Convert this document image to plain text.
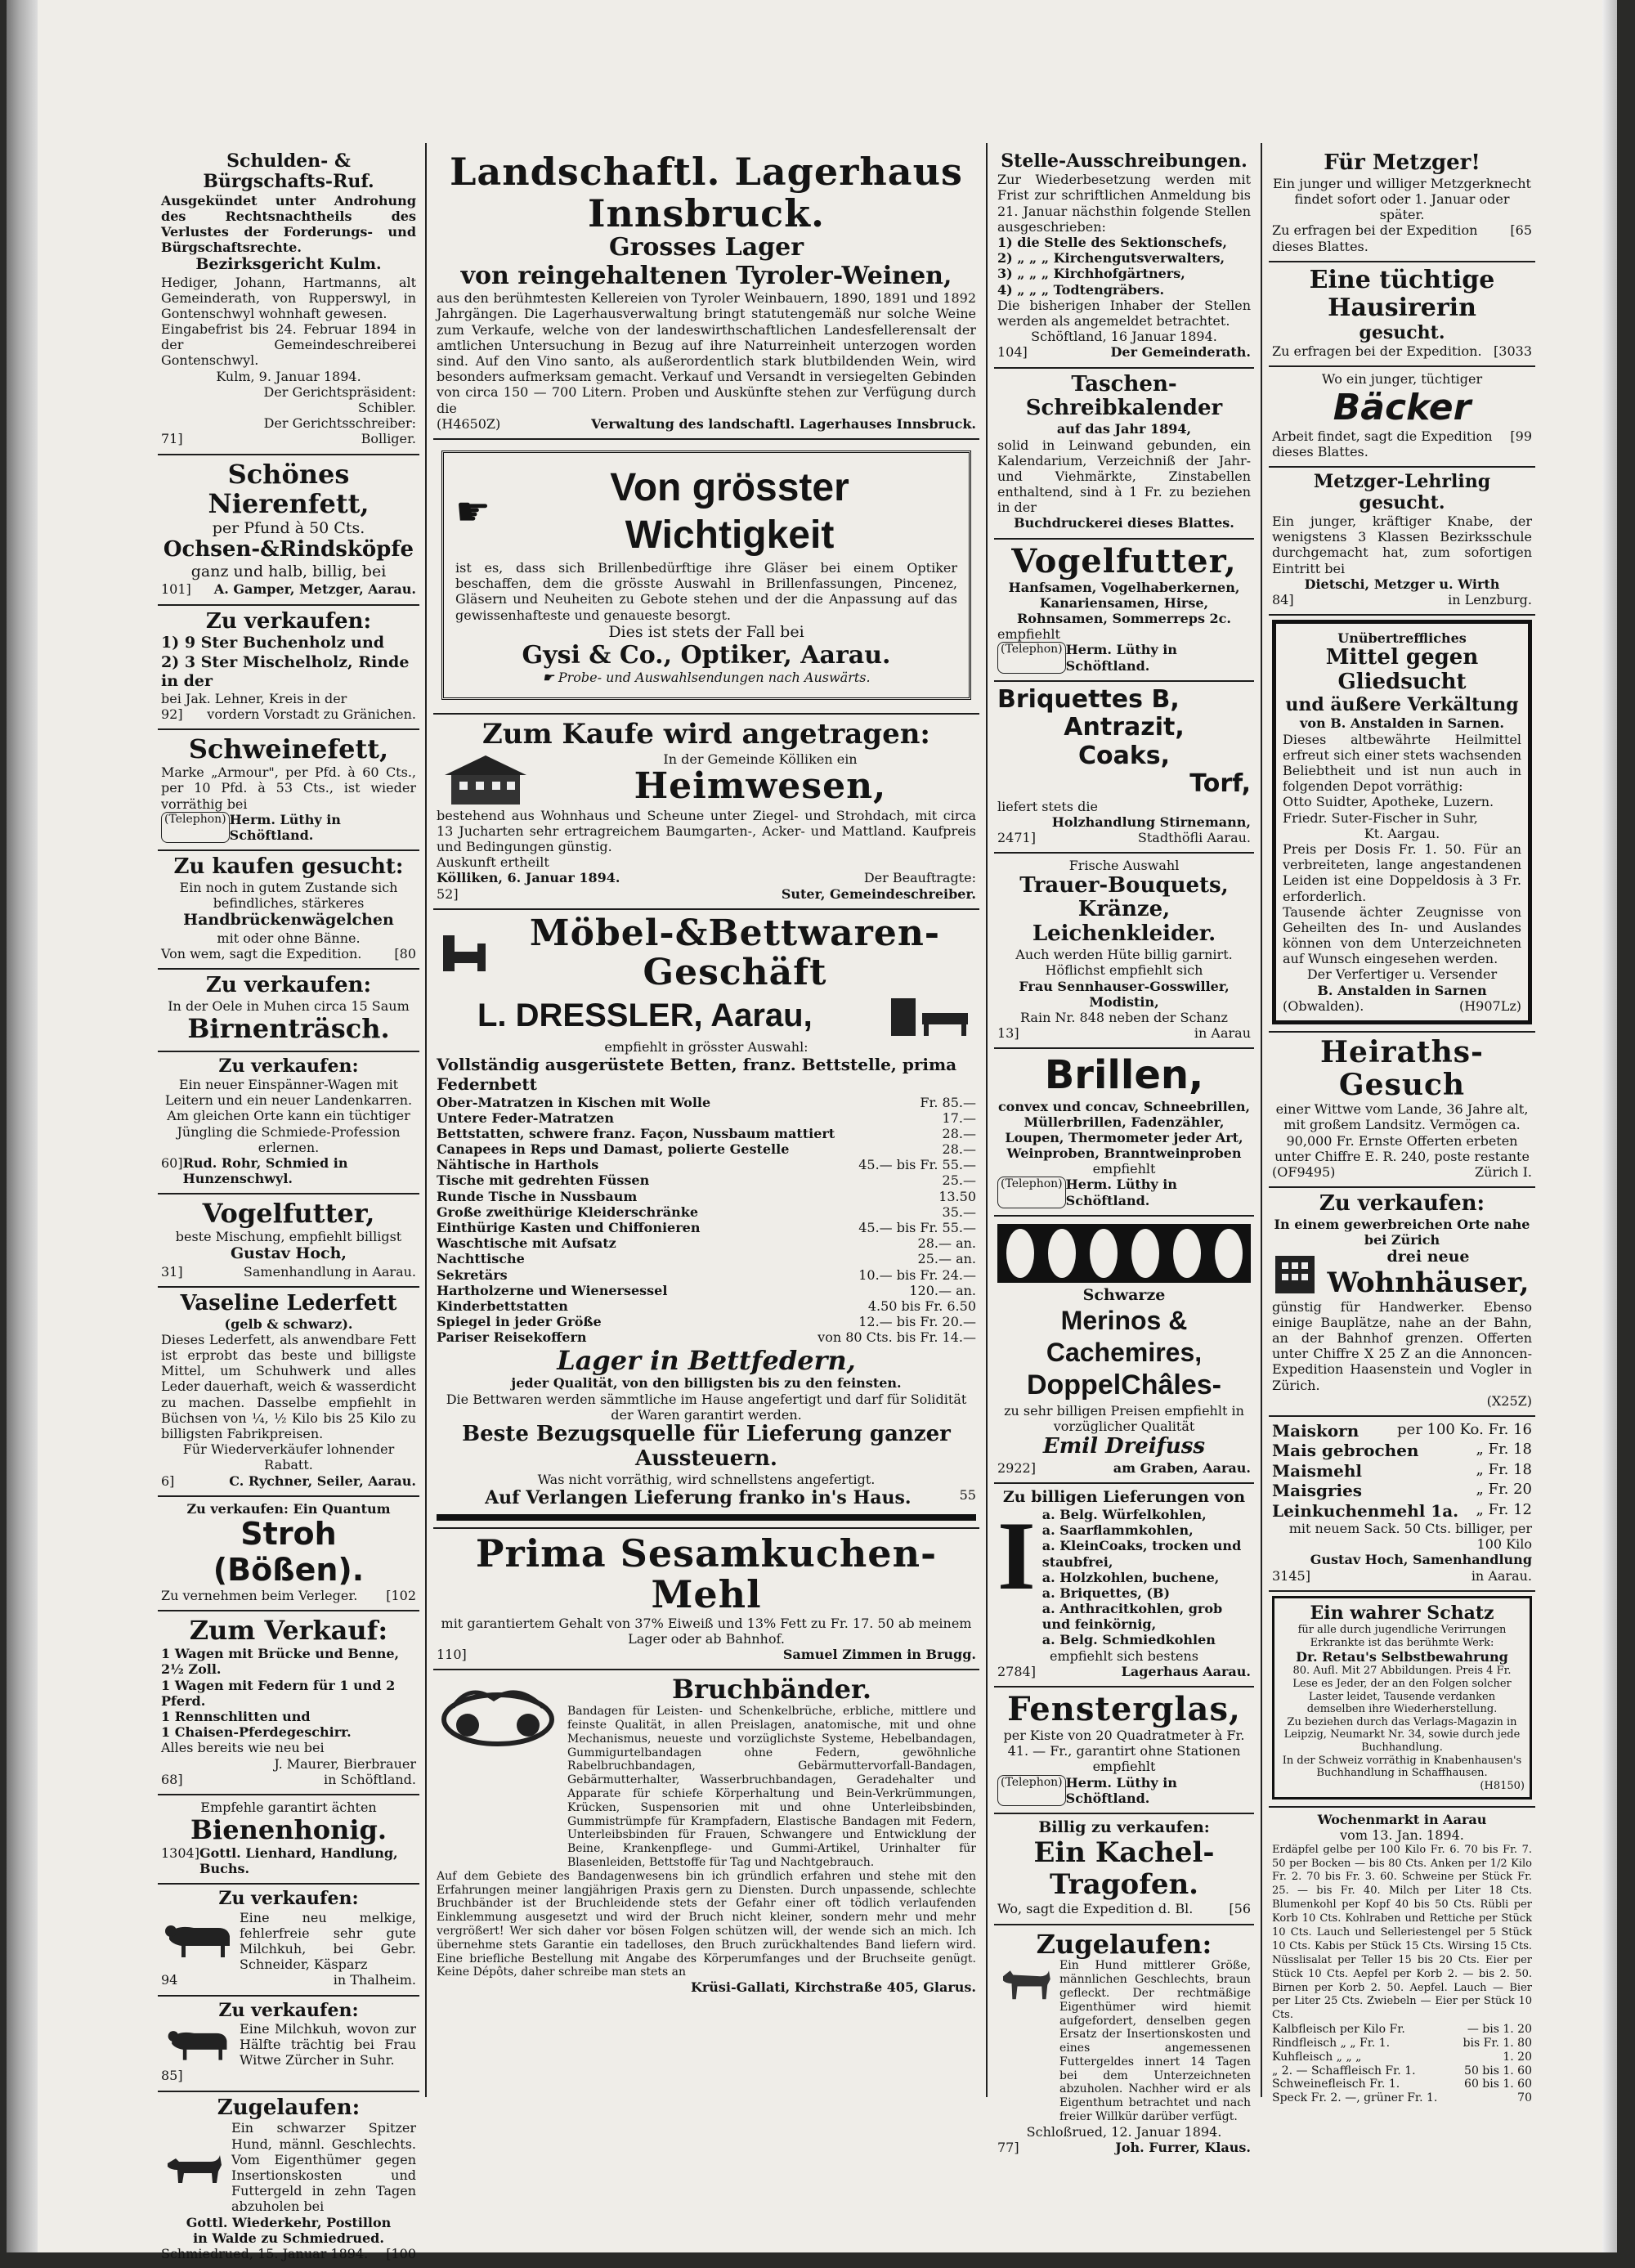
Schulden- & Bürgschafts-Ruf.
Ausgekündet unter Androhung des Rechtsnachtheils des Verlustes der Forderungs- und Bürgschaftsrechte.
Bezirksgericht Kulm.
Hediger, Johann, Hartmanns, alt Gemeinderath, von Rupperswyl, in Gontenschwyl wohnhaft gewesen.
Eingabefrist bis 24. Februar 1894 in der Gemeindeschreiberei Gontenschwyl.
Kulm, 9. Januar 1894.
Der Gerichtspräsident:
Schibler.
Der Gerichtsschreiber:
71]	Bolliger.
Schönes Nierenfett,
per Pfund à 50 Cts.
Ochsen-&Rindsköpfe
ganz und halb, billig, bei
101] A. Gamper, Metzger, Aarau.
Zu verkaufen:
1) 9 Ster Buchenholz und
2) 3 Ster Mischelholz, Rinde in der
bei Jak. Lehner, Kreis in der
92] vordern Vorstadt zu Gränichen.
Schweinefett,
Marke „Armour", per Pfd. à 60 Cts., per 10 Pfd. à 53 Cts., ist wieder vorräthig bei
(Telephon) Herm. Lüthy in Schöftland.
Zu kaufen gesucht:
Ein noch in gutem Zustande sich befindliches, stärkeres
Handbrückenwägelchen
mit oder ohne Bänne.
Von wem, sagt die Expedition.	[80
Zu verkaufen:
In der Oele in Muhen circa 15 Saum
Birnenträsch.
Zu verkaufen:
Ein neuer Einspänner-Wagen mit Leitern und ein neuer Landenkarren.
Am gleichen Orte kann ein tüchtiger Jüngling die Schmiede-Profession erlernen.
60] Rud. Rohr, Schmied in Hunzenschwyl.
Vogelfutter,
beste Mischung, empfiehlt billigst
Gustav Hoch,
31]	Samenhandlung in Aarau.
Vaseline Lederfett
(gelb & schwarz).
Dieses Lederfett, als anwendbare Fett ist erprobt das beste und billigste Mittel, um Schuhwerk und alles Leder dauerhaft, weich & wasserdicht zu machen. Dasselbe empfiehlt in Büchsen von ¼, ½ Kilo bis 25 Kilo zu billigsten Fabrikpreisen.
Für Wiederverkäufer lohnender Rabatt.
6]	C. Rychner, Seiler, Aarau.
Zu verkaufen: Ein Quantum
Stroh (Bößen).
Zu vernehmen beim Verleger. [102
Zum Verkauf:
1 Wagen mit Brücke und Benne, 2½ Zoll.
1 Wagen mit Federn für 1 und 2 Pferd.
1 Rennschlitten und
1 Chaisen-Pferdegeschirr.
Alles bereits wie neu bei
J. Maurer, Bierbrauer
68]	in Schöftland.
Empfehle garantirt ächten
Bienenhonig.
1304] Gottl. Lienhard, Handlung, Buchs.
Zu verkaufen:
Eine neu melkige, fehlerfreie sehr gute Milchkuh, bei Gebr. Schneider, Käsparz
94	in Thalheim.
Zu verkaufen:
Eine Milchkuh, wovon zur Hälfte trächtig bei Frau Witwe Zürcher in Suhr.
85]
Zugelaufen:
Ein schwarzer Spitzer Hund, männl. Geschlechts. Vom Eigenthümer gegen Insertionskosten und Futtergeld in zehn Tagen abzuholen bei
Gottl. Wiederkehr, Postillon
in Walde zu Schmiedrued.
Schmiedrued, 15. Januar 1894. [100
Landschaftl. Lagerhaus Innsbruck.
Grosses Lager
von reingehaltenen Tyroler-Weinen,
aus den berühmtesten Kellereien von Tyroler Weinbauern, 1890, 1891 und 1892 Jahrgängen. Die Lagerhausverwaltung bringt statutengemäß nur solche Weine zum Verkaufe, welche von der landeswirthschaftlichen Landesfellerensalt der amtlichen Untersuchung in Bezug auf ihre Naturreinheit unterzogen worden sind. Auf den Vino santo, als außerordentlich stark blutbildenden Wein, wird besonders aufmerksam gemacht. Verkauf und Versandt in versiegelten Gebinden von circa 150 — 700 Litern. Proben und Auskünfte stehen zur Verfügung durch die
(H4650Z)	Verwaltung des landschaftl. Lagerhauses Innsbruck.
☛
Von grösster Wichtigkeit
ist es, dass sich Brillenbedürftige ihre Gläser bei einem Optiker beschaffen, dem die grösste Auswahl in Brillenfassungen, Pincenez, Gläsern und Neuheiten zu Gebote stehen und der die Anpassung auf das gewissenhafteste und genaueste besorgt.
Dies ist stets der Fall bei
Gysi & Co., Optiker, Aarau.
☛ Probe- und Auswahlsendungen nach Auswärts.
Zum Kaufe wird angetragen:
In der Gemeinde Kölliken ein
Heimwesen,
bestehend aus Wohnhaus und Scheune unter Ziegel- und Strohdach, mit circa 13 Jucharten sehr ertragreichem Baumgarten-, Acker- und Mattland. Kaufpreis und Bedingungen günstig.
Auskunft ertheilt
Kölliken, 6. Januar 1894.	Der Beauftragte:
52]	Suter, Gemeindeschreiber.
Möbel-&Bettwaren-Geschäft
L. DRESSLER, Aarau,
empfiehlt in grösster Auswahl:
Vollständig ausgerüstete Betten, franz. Bettstelle, prima Federnbett
Ober-Matratzen in Kischen mit Wolle	Fr. 85.—
Untere Feder-Matratzen	17.—
Bettstatten, schwere franz. Façon, Nussbaum mattiert	28.—
Canapees in Reps und Damast, polierte Gestelle	28.—
Nähtische in Harthols	45.— bis Fr. 55.—
Tische mit gedrehten Füssen	25.—
Runde Tische in Nussbaum	13.50
Große zweithürige Kleiderschränke	35.—
Einthürige Kasten und Chiffonieren	45.— bis Fr. 55.—
Waschtische mit Aufsatz	28.— an.
Nachttische	25.— an.
Sekretärs	10.— bis Fr. 24.—
Hartholzerne und Wienersessel	120.— an.
Kinderbettstatten	4.50 bis Fr. 6.50
Spiegel in jeder Größe	12.— bis Fr. 20.—
Pariser Reisekoffern	von 80 Cts. bis Fr. 14.—
Lager in Bettfedern,
jeder Qualität, von den billigsten bis zu den feinsten.
Die Bettwaren werden sämmtliche im Hause angefertigt und darf für Solidität der Waren garantirt werden.
Beste Bezugsquelle für Lieferung ganzer Aussteuern.
Was nicht vorräthig, wird schnellstens angefertigt.
Auf Verlangen Lieferung franko in's Haus.	55
Prima Sesamkuchen-Mehl
mit garantiertem Gehalt von 37% Eiweiß und 13% Fett zu Fr. 17. 50 ab meinem Lager oder ab Bahnhof.
110]	Samuel Zimmen in Brugg.
Bruchbänder.
Bandagen für Leisten- und Schenkelbrüche, erbliche, mittlere und feinste Qualität, in allen Preislagen, anatomische, mit und ohne Mechanismus, neueste und vorzüglichste Systeme, Hebelbandagen, Gummigurtelbandagen ohne Federn, gewöhnliche Rabelbruchbandagen, Gebärmuttervorfall-Bandagen, Gebärmutterhalter, Wasserbruchbandagen, Geradehalter und Apparate für schiefe Körperhaltung und Bein-Verkrümmungen, Krücken, Suspensorien mit und ohne Unterleibsbinden, Gummistrümpfe für Krampfadern, Elastische Bandagen mit Federn, Unterleibsbinden für Frauen, Schwangere und Entwicklung der Beine, Krankenpflege- und Gummi-Artikel, Urinhalter für Blasenleiden, Bettstoffe für Tag und Nachtgebrauch.
Auf dem Gebiete des Bandagenwesens bin ich gründlich erfahren und stehe mit den Erfahrungen meiner langjährigen Praxis gern zu Diensten. Durch unpassende, schlechte Bruchbänder ist der Bruchleidende stets der Gefahr einer oft tödlich verlaufenden Einklemmung ausgesetzt und wird der Bruch nicht kleiner, sondern mehr und mehr vergrößert! Wer sich daher vor bösen Folgen schützen will, der wende sich an mich. Ich übernehme stets Garantie ein tadelloses, den Bruch zurückhaltendes Band liefern wird. Eine briefliche Bestellung mit Angabe des Körperumfanges und der Bruchseite genügt. Keine Dépôts, daher schreibe man stets an
Krüsi-Gallati, Kirchstraße 405, Glarus.
Stelle-Ausschreibungen.
Zur Wiederbesetzung werden mit Frist zur schriftlichen Anmeldung bis 21. Januar nächsthin folgende Stellen ausgeschrieben:
1) die Stelle des Sektionschefs,
2) „ „ „ Kirchengutsverwalters,
3) „ „ „ Kirchhofgärtners,
4) „ „ „ Todtengräbers.
Die bisherigen Inhaber der Stellen werden als angemeldet betrachtet.
Schöftland, 16 Januar 1894.
104]	Der Gemeinderath.
Taschen-Schreibkalender
auf das Jahr 1894,
solid in Leinwand gebunden, ein Kalendarium, Verzeichniß der Jahr- und Viehmärkte, Zinstabellen enthaltend, sind à 1 Fr. zu beziehen in der
Buchdruckerei dieses Blattes.
Vogelfutter,
Hanfsamen, Vogelhaberkernen, Kanariensamen, Hirse, Rohnsamen, Sommerreps 2c.
empfiehlt
(Telephon) Herm. Lüthy in Schöftland.
Briquettes B,
Antrazit,
Coaks,
Torf,
liefert stets die
Holzhandlung Stirnemann,
2471]	Stadthöfli Aarau.
Frische Auswahl
Trauer-Bouquets, Kränze,
Leichenkleider.
Auch werden Hüte billig garnirt. Höflichst empfiehlt sich
Frau Sennhauser-Gosswiller, Modistin,
Rain Nr. 848 neben der Schanz
13]	in Aarau
Brillen,
convex und concav, Schneebrillen, Müllerbrillen, Fadenzähler, Loupen, Thermometer jeder Art, Weinproben, Branntweinproben
empfiehlt
(Telephon) Herm. Lüthy in Schöftland.
Schwarze
Merinos & Cachemires,
DoppelChâles-
zu sehr billigen Preisen empfiehlt in vorzüglicher Qualität
Emil Dreifuss
2922]	am Graben, Aarau.
Zu billigen Lieferungen von
I a. Belg. Würfelkohlen,
a. Saarflammkohlen,
a. KleinCoaks, trocken und staubfrei,
a. Holzkohlen, buchene,
a. Briquettes, (B)
a. Anthracitkohlen, grob und feinkörnig,
a. Belg. Schmiedkohlen
empfiehlt sich bestens
2784]	Lagerhaus Aarau.
Fensterglas,
per Kiste von 20 Quadratmeter à Fr. 41. — Fr., garantirt ohne Stationen empfiehlt
(Telephon) Herm. Lüthy in Schöftland.
Billig zu verkaufen:
Ein Kachel-Tragofen.
Wo, sagt die Expedition d. Bl.	[56
Zugelaufen:
Ein Hund mittlerer Größe, männlichen Geschlechts, braun gefleckt. Der rechtmäßige Eigenthümer wird hiemit aufgefordert, denselben gegen Ersatz der Insertionskosten und eines angemessenen Futtergeldes innert 14 Tagen bei dem Unterzeichneten abzuholen. Nachher wird er als Eigenthum betrachtet und nach freier Willkür darüber verfügt.
Schloßrued, 12. Januar 1894.
77]	Joh. Furrer, Klaus.
Für Metzger!
Ein junger und williger Metzgerknecht findet sofort oder 1. Januar oder später.
Zu erfragen bei der Expedition dieses Blattes.
[65
Eine tüchtige Hausirerin
gesucht.
Zu erfragen bei der Expedition. [3033
Wo ein junger, tüchtiger
Bäcker
Arbeit findet, sagt die Expedition dieses Blattes.
[99
Metzger-Lehrling gesucht.
Ein junger, kräftiger Knabe, der wenigstens 3 Klassen Bezirksschule durchgemacht hat, zum sofortigen Eintritt bei
Dietschi, Metzger u. Wirth
84]	in Lenzburg.
Unübertreffliches
Mittel gegen Gliedsucht
und äußere Verkältung
von B. Anstalden in Sarnen.
Dieses altbewährte Heilmittel erfreut sich einer stets wachsenden Beliebtheit und ist nun auch in folgenden Depot vorräthig:
Otto Suidter, Apotheke, Luzern.
Friedr. Suter-Fischer in Suhr,
Kt. Aargau.
Preis per Dosis Fr. 1. 50. Für an verbreiteten, lange angestandenen Leiden ist eine Doppeldosis à 3 Fr. erforderlich.
Tausende ächter Zeugnisse von Geheilten des In- und Auslandes können von dem Unterzeichneten auf Wunsch eingesehen werden.
Der Verfertiger u. Versender
B. Anstalden in Sarnen
(Obwalden).	(H907Lz)
Heiraths-Gesuch
einer Wittwe vom Lande, 36 Jahre alt, mit großem Landsitz. Vermögen ca. 90,000 Fr. Ernste Offerten erbeten unter Chiffre E. R. 240, poste restante
(OF9495)	Zürich I.
Zu verkaufen:
In einem gewerbreichen Orte nahe bei Zürich
drei neue
Wohnhäuser,
günstig für Handwerker. Ebenso einige Bauplätze, nahe an der Bahn, an der Bahnhof grenzen. Offerten unter Chiffre X 25 Z an die Annoncen-Expedition Haasenstein und Vogler in Zürich.
(X25Z)
Maiskorn	per 100 Ko. Fr. 16
Mais gebrochen	„ Fr. 18
Maismehl	„ Fr. 18
Maisgries	„ Fr. 20
Leinkuchenmehl 1a. „ Fr. 12
mit neuem Sack. 50 Cts. billiger, per 100 Kilo
Gustav Hoch, Samenhandlung
3145]	in Aarau.
Ein wahrer Schatz
für alle durch jugendliche Verirrungen Erkrankte ist das berühmte Werk:
Dr. Retau's Selbstbewahrung
80. Aufl. Mit 27 Abbildungen. Preis 4 Fr.
Lese es Jeder, der an den Folgen solcher Laster leidet, Tausende verdanken demselben ihre Wiederherstellung.
Zu beziehen durch das Verlags-Magazin in Leipzig, Neumarkt Nr. 34, sowie durch jede Buchhandlung.
In der Schweiz vorräthig in Knabenhausen's Buchhandlung in Schaffhausen.
(H8150)
Wochenmarkt in Aarau
vom 13. Jan. 1894.
Erdäpfel gelbe per 100 Kilo Fr. 6. 70 bis Fr. 7. 50 per Bocken — bis 80 Cts. Anken per 1/2 Kilo Fr. 2. 70 bis Fr. 3. 60. Schweine per Stück Fr. 25. — bis Fr. 40. Milch per Liter 18 Cts. Blumenkohl per Kopf 40 bis 50 Cts. Rübli per Korb 10 Cts. Kohlraben und Rettiche per Stück 10 Cts. Lauch und Selleriestengel per 5 Stück 10 Cts. Kabis per Stück 15 Cts. Wirsing 15 Cts. Nüsslisalat per Teller 15 bis 20 Cts. Eier per Stück 10 Cts. Aepfel per Korb 2. — bis 2. 50. Birnen per Korb 2. 50. Aepfel. Lauch — Bier per Liter 25 Cts. Zwiebeln — Eier per Stück 10 Cts.
Kalbfleisch per Kilo Fr.	— bis 1. 20
Rindfleisch „ „ Fr. 1.	bis Fr. 1. 80
Kuhfleisch „ „ „	1. 20
„ 2. — Schaffleisch Fr. 1.	50 bis 1. 60
Schweinefleisch Fr. 1.	60 bis 1. 60
Speck Fr. 2. —, grüner Fr. 1.	70
